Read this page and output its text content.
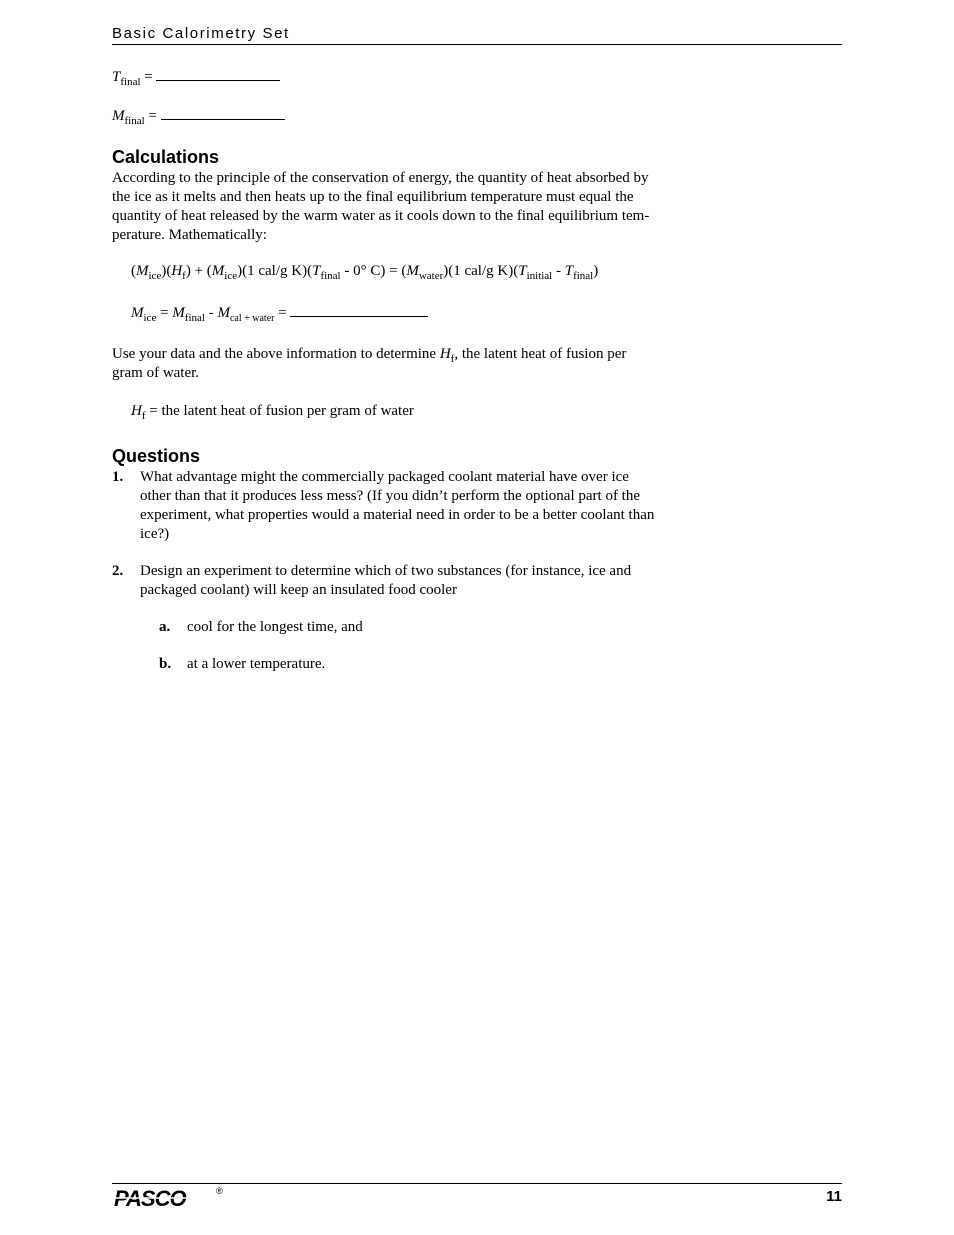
Basic Calorimetry Set
$T_{final}$ =
$M_{final}$ =
Calculations
According to the principle of the conservation of energy, the quantity of heat absorbed by
the ice as it melts and then heats up to the final equilibrium temperature must equal the
quantity of heat released by the warm water as it cools down to the final equilibrium tem-
perature. Mathematically:
$(M_{ice})(H_f) + (M_{ice})(1$ cal/g $K)(T_{final} - 0^\circ$ $C) = (M_{water})(1$ cal/g $K)(T_{initial} - T_{final})$
$M_{ice} = M_{final} - M_{cal + water}$ =
Use your data and the above information to determine $H_f$, the latent heat of fusion per
gram of water.
$H_f$ = the latent heat of fusion per gram of water
Questions
1. What advantage might the commercially packaged coolant material have over ice
other than that it produces less mess? (If you didn’t perform the optional part of the
experiment, what properties would a material need in order to be a better coolant than
ice?)
2. Design an experiment to determine which of two substances (for instance, ice and
packaged coolant) will keep an insulated food cooler
a. cool for the longest time, and
b. at a lower temperature.
PASCO	®	11
